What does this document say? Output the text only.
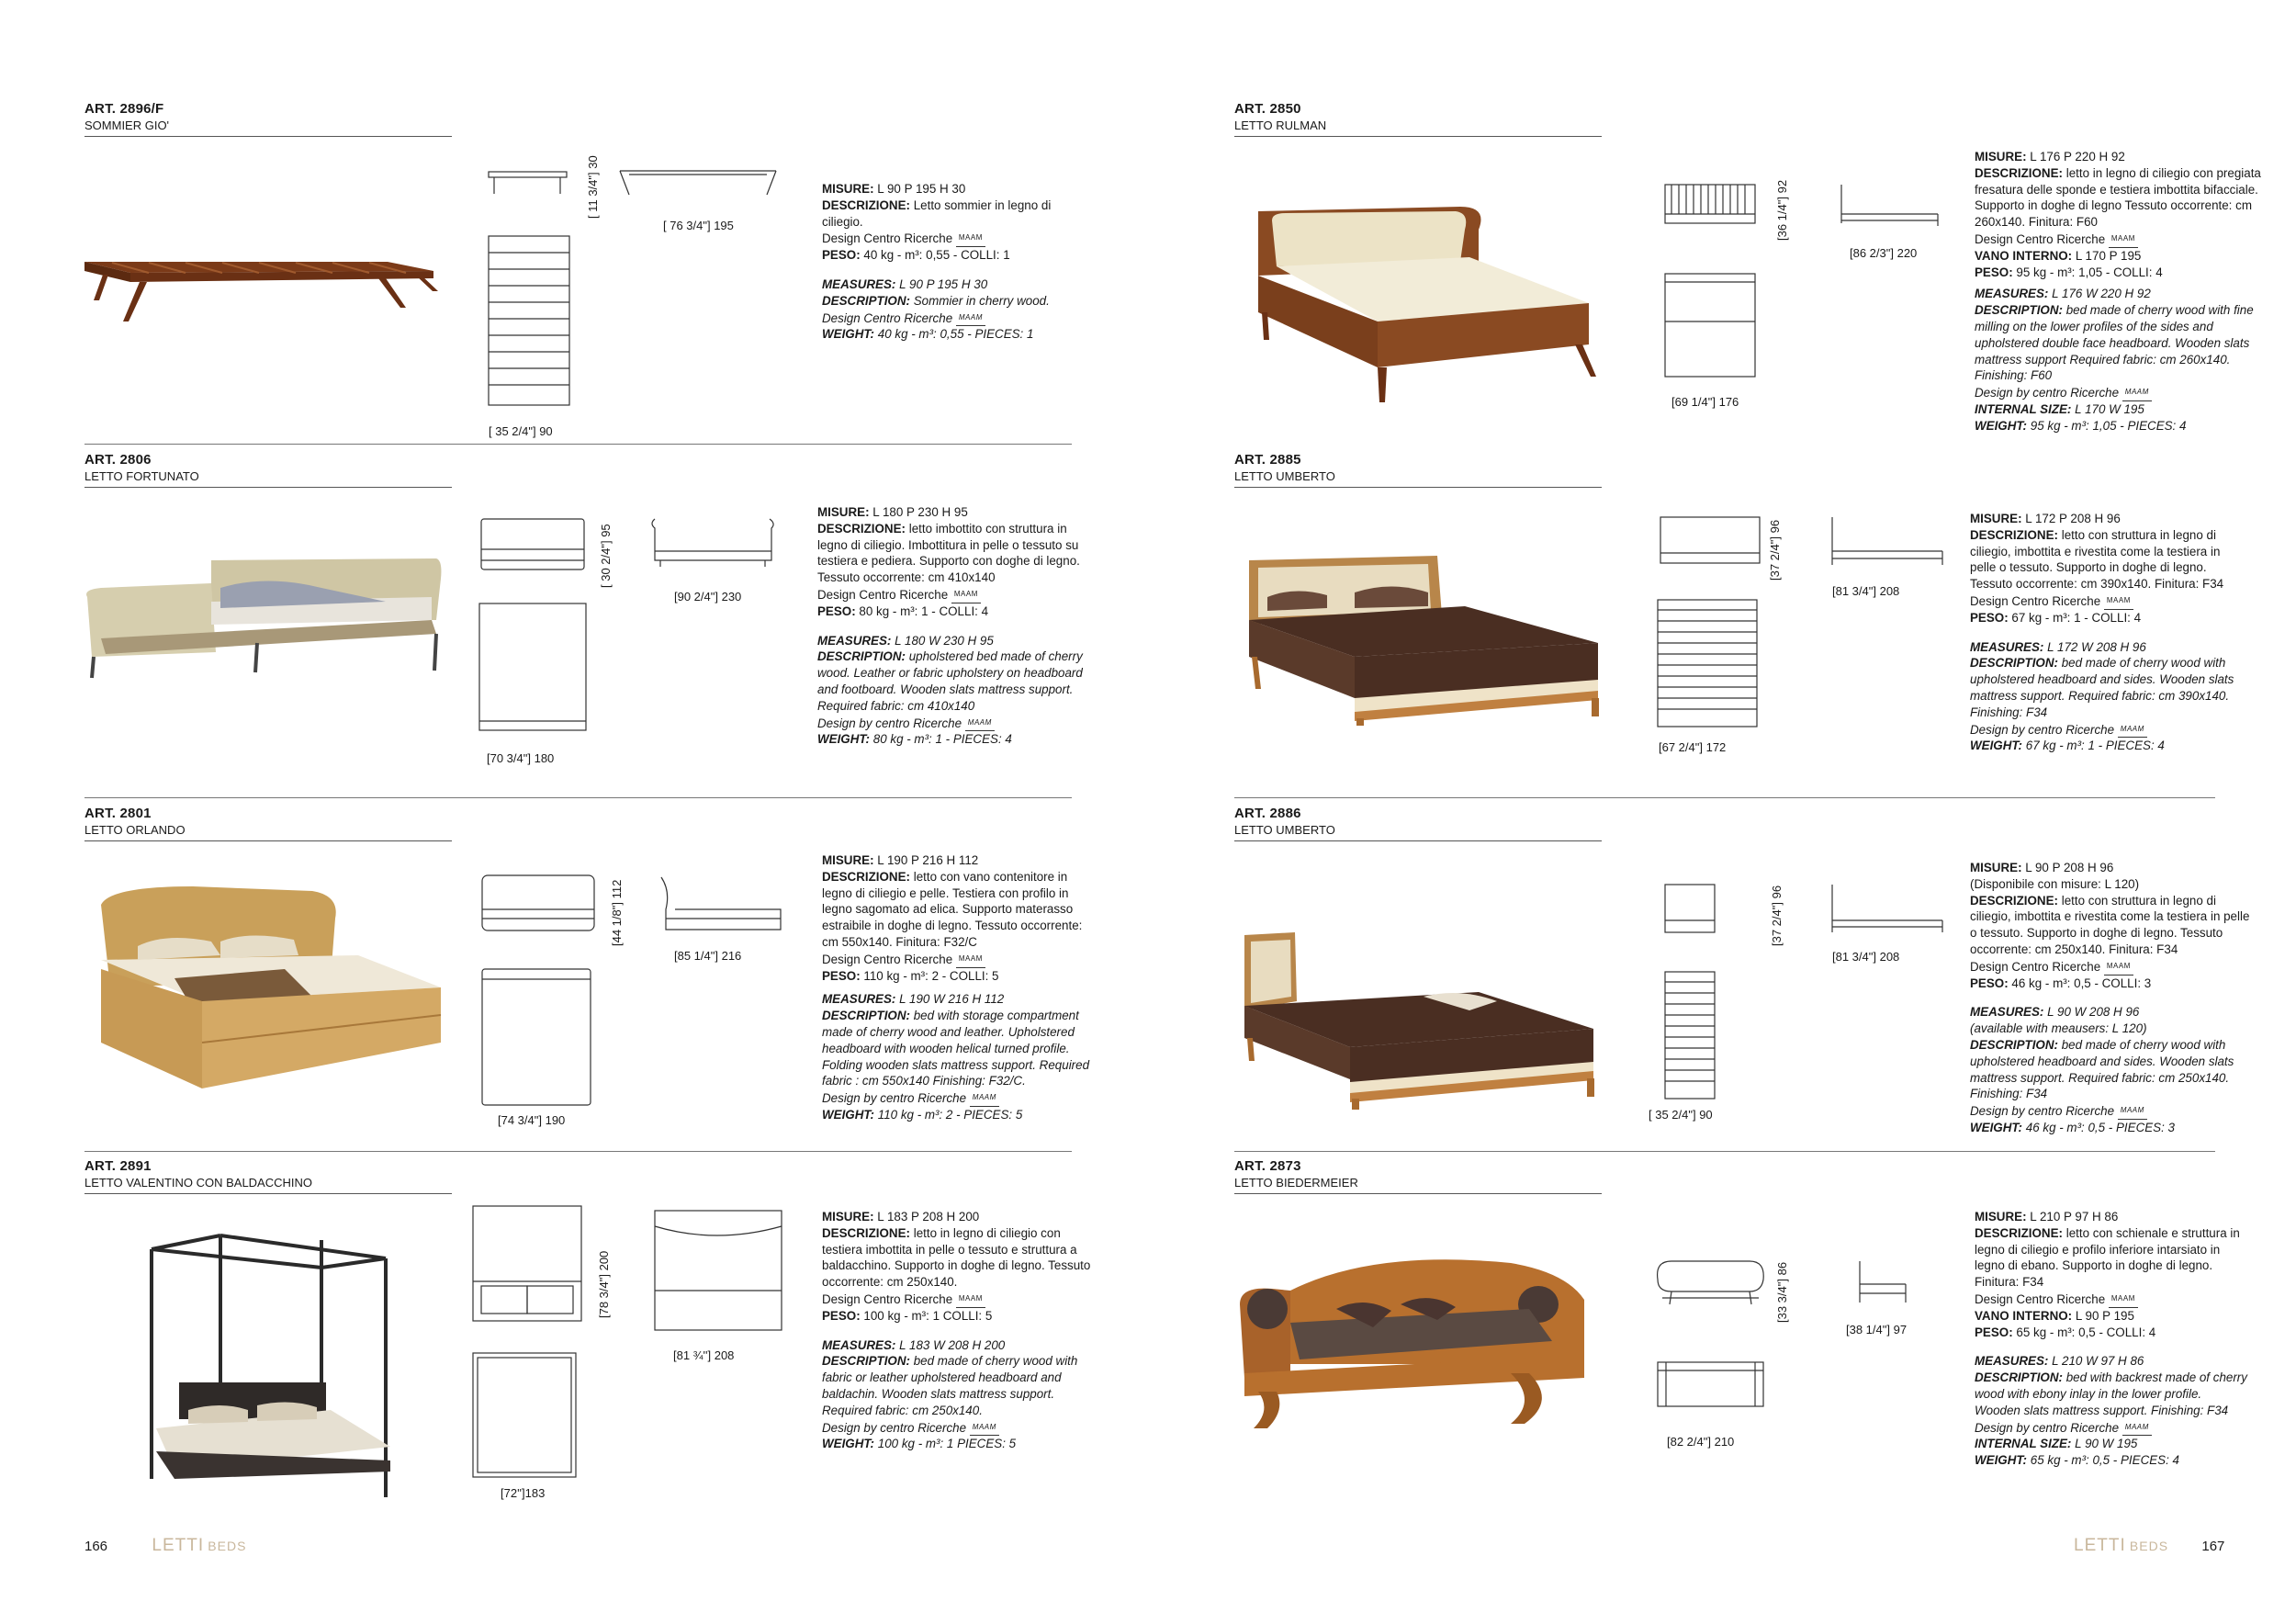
ART. 2896/F
SOMMIER GIO'
[ 11 3/4"] 30
[ 76 3/4"] 195
[ 35 2/4"] 90
MISURE: L 90 P 195 H 30
DESCRIZIONE: Letto sommier in legno di ciliegio.
Design Centro Ricerche MAAM
PESO: 40 kg - m³: 0,55 - COLLI: 1
MEASURES: L 90 P 195 H 30
DESCRIPTION: Sommier in cherry wood.
Design Centro Ricerche MAAM
WEIGHT: 40 kg - m³: 0,55 - PIECES: 1
ART. 2806
LETTO FORTUNATO
[ 30 2/4"] 95
[90 2/4"] 230
[70 3/4"] 180
MISURE: L 180 P 230 H 95
DESCRIZIONE: letto imbottito con struttura in legno di ciliegio. Imbottitura in pelle o tessuto su testiera e pediera. Supporto con doghe di legno.
Tessuto occorrente: cm 410x140
Design Centro Ricerche MAAM
PESO: 80 kg - m³: 1 - COLLI: 4
MEASURES: L 180 W 230 H 95
DESCRIPTION: upholstered bed made of cherry wood. Leather or fabric upholstery on headboard and footboard. Wooden slats mattress support.
Required fabric: cm 410x140
Design by centro Ricerche MAAM
WEIGHT: 80 kg - m³: 1 - PIECES: 4
ART. 2801
LETTO ORLANDO
[44 1/8"] 112
[85 1/4"] 216
[74 3/4"] 190
MISURE: L 190 P 216 H 112
DESCRIZIONE: letto con vano contenitore in legno di ciliegio e pelle. Testiera con profilo in legno sagomato ad elica. Supporto materasso estraibile in doghe di legno. Tessuto occorrente: cm 550x140. Finitura: F32/C
Design Centro Ricerche MAAM
PESO: 110 kg - m³: 2 - COLLI: 5
MEASURES: L 190 W 216 H 112
DESCRIPTION: bed with storage compartment made of cherry wood and leather. Upholstered headboard with wooden helical turned profile. Folding wooden slats mattress support. Required fabric : cm 550x140 Finishing: F32/C.
Design by centro Ricerche MAAM
WEIGHT: 110 kg - m³: 2 - PIECES: 5
ART. 2891
LETTO VALENTINO CON BALDACCHINO
[78 3/4"] 200
[81 ¾''] 208
[72'']183
MISURE: L 183 P 208 H 200
DESCRIZIONE: letto in legno di ciliegio con testiera imbottita in pelle o tessuto e struttura a baldacchino. Supporto in doghe di legno. Tessuto occorrente: cm 250x140.
Design Centro Ricerche MAAM
PESO: 100 kg - m³: 1 COLLI: 5
MEASURES: L 183 W 208 H 200
DESCRIPTION: bed made of cherry wood with fabric or leather upholstered headboard and baldachin. Wooden slats mattress support. Required fabric: cm 250x140.
Design by centro Ricerche MAAM
WEIGHT: 100 kg - m³: 1 PIECES: 5
166	LETTI BEDS
ART. 2850
LETTO RULMAN
[36 1/4"] 92
[86 2/3"] 220
[69 1/4"] 176
MISURE: L 176 P 220 H 92
DESCRIZIONE: letto in legno di ciliegio con pregiata fresatura delle sponde e testiera imbottita bifacciale. Supporto in doghe di legno Tessuto occorrente: cm 260x140. Finitura: F60
Design Centro Ricerche MAAM
VANO INTERNO: L 170 P 195
PESO: 95 kg - m³: 1,05 - COLLI: 4
MEASURES: L 176 W 220 H 92
DESCRIPTION: bed made of cherry wood with fine milling on the lower profiles of the sides and upholstered double face headboard. Wooden slats mattress support Required fabric: cm 260x140. Finishing: F60
Design by centro Ricerche MAAM
INTERNAL SIZE: L 170 W 195
WEIGHT: 95 kg - m³: 1,05 - PIECES: 4
ART. 2885
LETTO UMBERTO
[37 2/4"] 96
[81 3/4"] 208
[67 2/4"] 172
MISURE: L 172 P 208 H 96
DESCRIZIONE: letto con struttura in legno di ciliegio, imbottita e rivestita come la testiera in pelle o tessuto. Supporto in doghe di legno. Tessuto occorrente: cm 390x140. Finitura: F34
Design Centro Ricerche MAAM
PESO: 67 kg - m³: 1 - COLLI: 4
MEASURES: L 172 W 208 H 96
DESCRIPTION: bed made of cherry wood with upholstered headboard and sides. Wooden slats mattress support. Required fabric: cm 390x140. Finishing: F34
Design by centro Ricerche MAAM
WEIGHT: 67 kg - m³: 1 - PIECES: 4
ART. 2886
LETTO UMBERTO
[37 2/4"] 96
[81 3/4"] 208
[ 35 2/4"] 90
MISURE: L 90 P 208 H 96
(Disponibile con misure: L 120)
DESCRIZIONE: letto con struttura in legno di ciliegio, imbottita e rivestita come la testiera in pelle o tessuto. Supporto in doghe di legno. Tessuto occorrente: cm 250x140. Finitura: F34
Design Centro Ricerche MAAM
PESO: 46 kg - m³: 0,5 - COLLI: 3
MEASURES: L 90 W 208 H 96
(available with meausers: L 120)
DESCRIPTION: bed made of cherry wood with upholstered headboard and sides. Wooden slats mattress support. Required fabric: cm 250x140. Finishing: F34
Design by centro Ricerche MAAM
WEIGHT: 46 kg - m³: 0,5 - PIECES: 3
ART. 2873
LETTO BIEDERMEIER
[33 3/4"] 86
[38 1/4"] 97
[82 2/4"] 210
MISURE: L 210 P 97 H 86
DESCRIZIONE: letto con schienale e struttura in legno di ciliegio e profilo inferiore intarsiato in legno di ebano. Supporto in doghe di legno. Finitura: F34
Design Centro Ricerche MAAM
VANO INTERNO: L 90 P 195
PESO: 65 kg - m³: 0,5 - COLLI: 4
MEASURES: L 210 W 97 H 86
DESCRIPTION: bed with backrest made of cherry wood with ebony inlay in the lower profile. Wooden slats mattress support. Finishing: F34
Design by centro Ricerche MAAM
INTERNAL SIZE: L 90 W 195
WEIGHT: 65 kg - m³: 0,5 - PIECES: 4
LETTI BEDS 167
